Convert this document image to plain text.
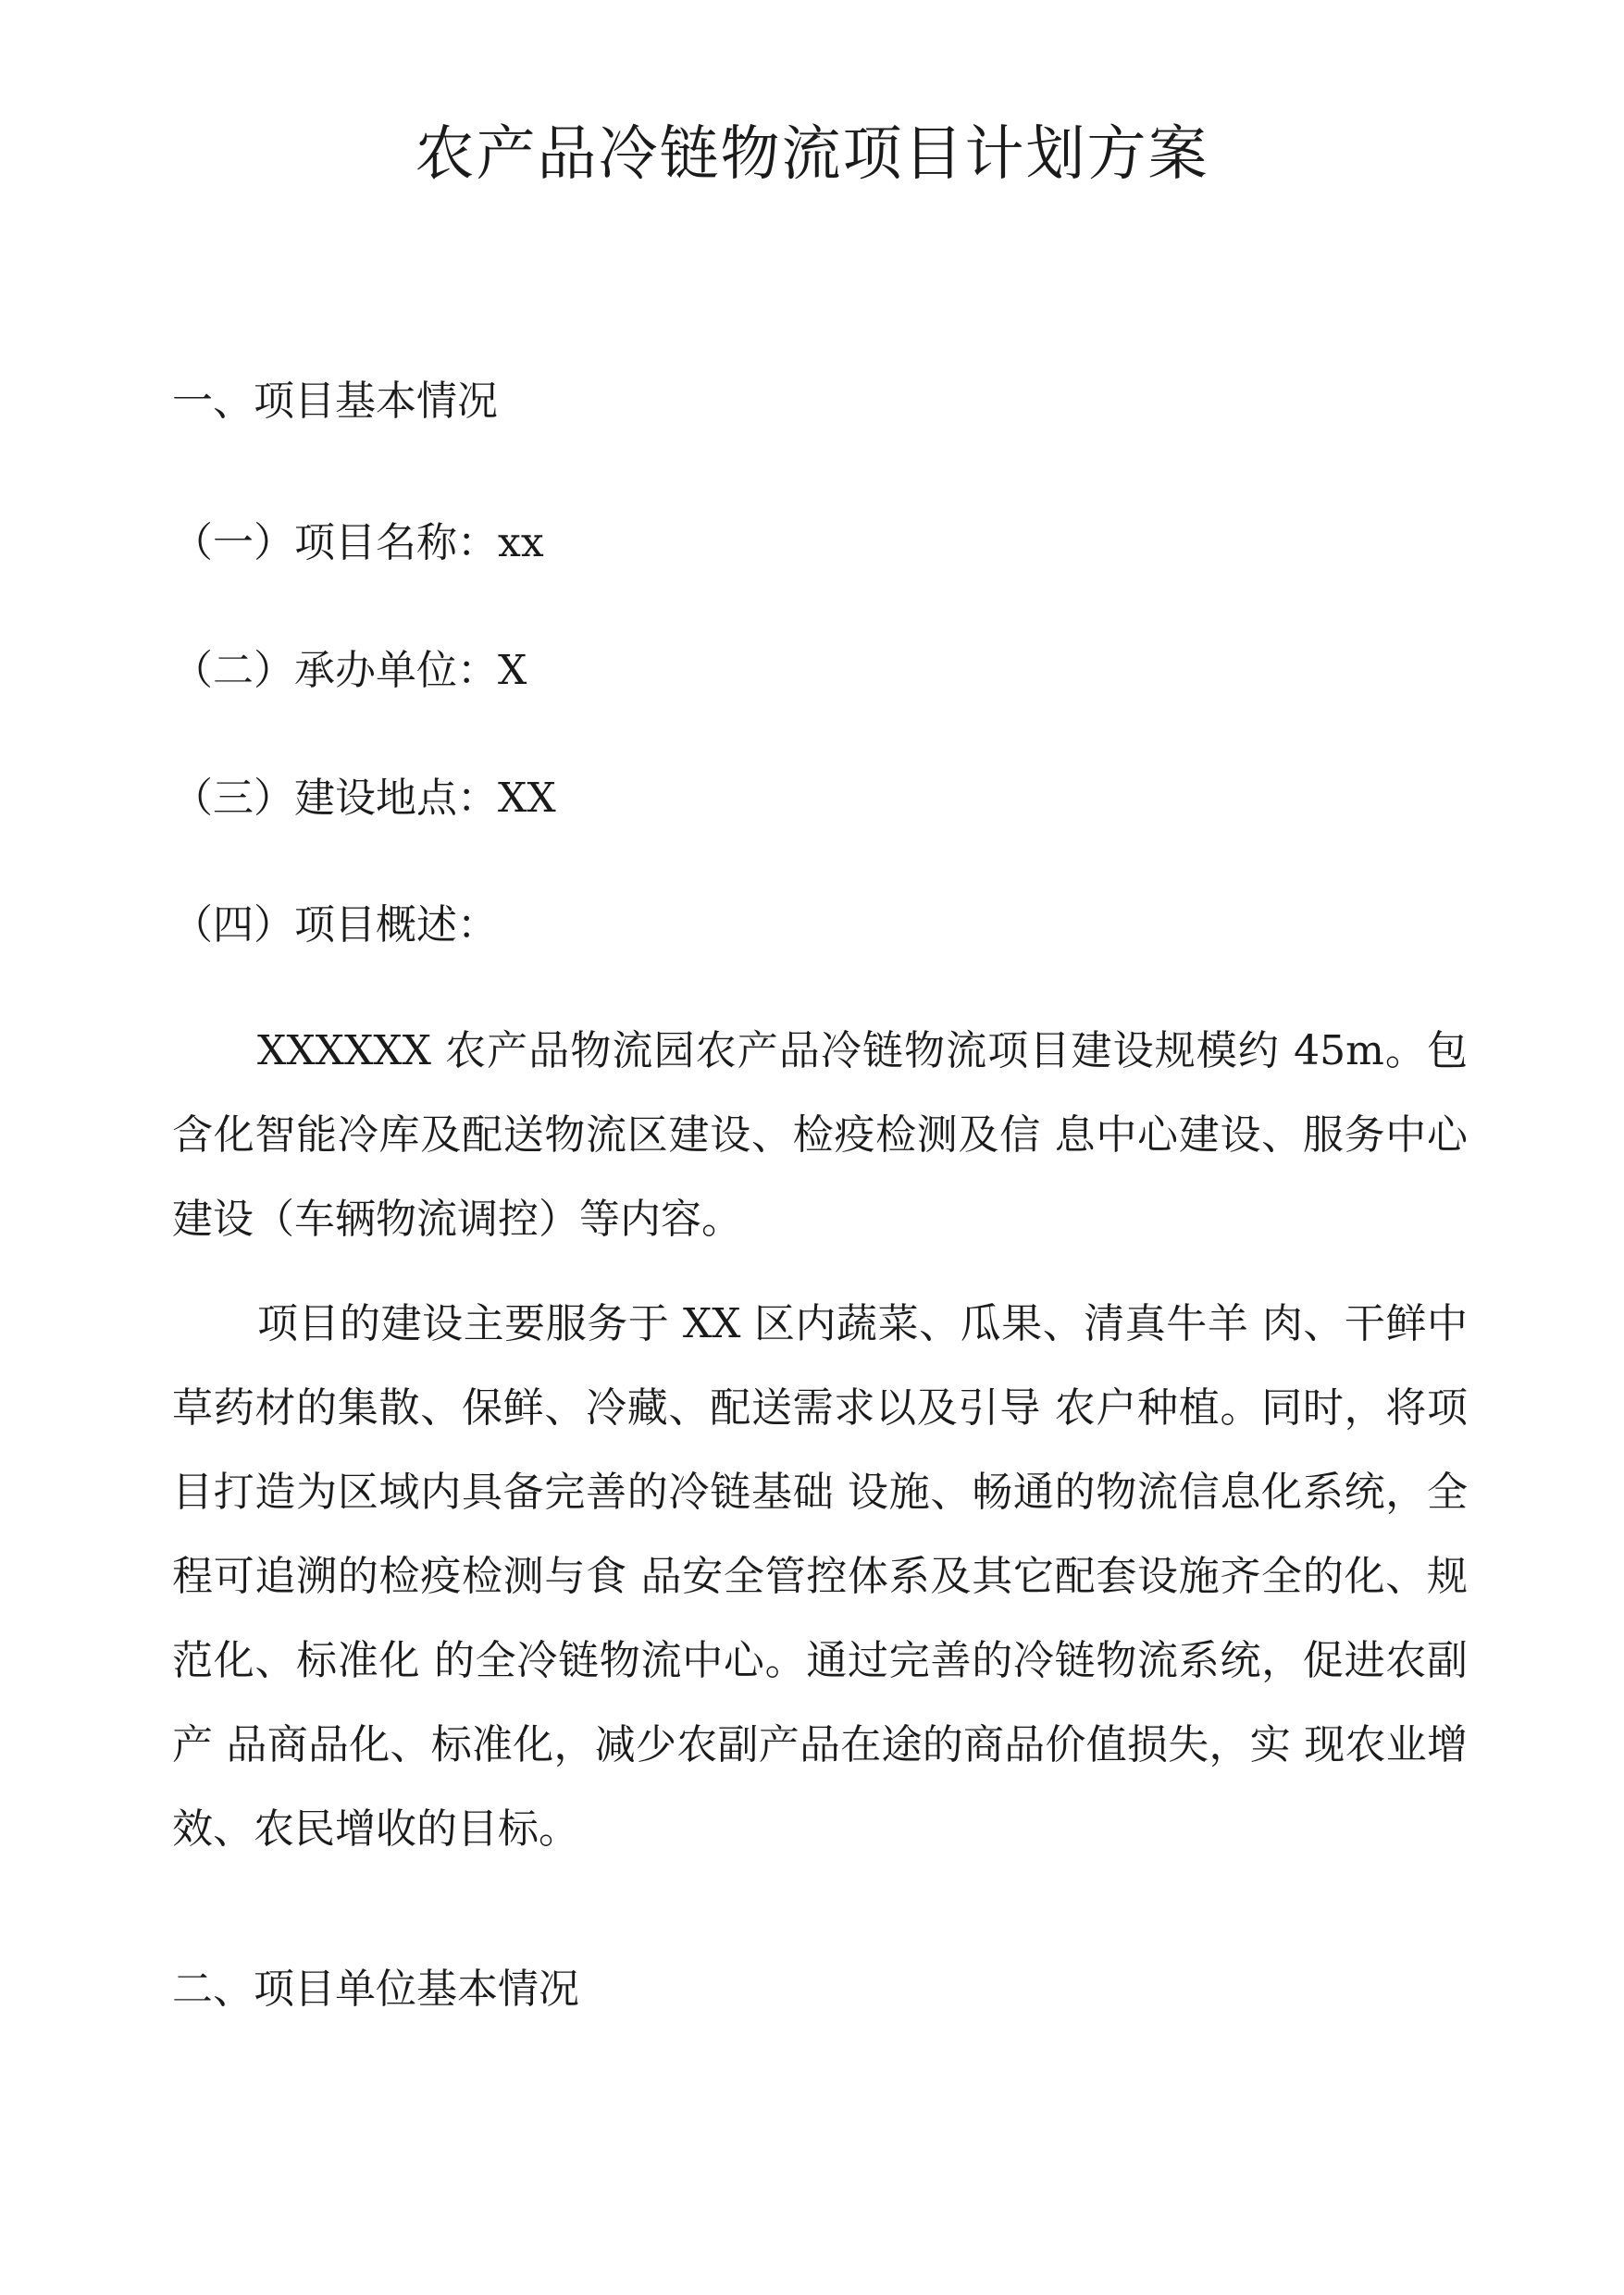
农产品冷链物流项目计划方案
一、项目基本情况

（一）项目名称：xx

（二）承办单位：X

（三）建设地点：XX

（四）项目概述：

XXXXXX 农产品物流园农产品冷链物流项目建设规模约 45m。包含化智能冷库及配送物流区建设、检疫检测及信 息中心建设、服务中心建设（车辆物流调控）等内容。

项目的建设主要服务于 XX 区内蔬菜、瓜果、清真牛羊 肉、干鲜中草药材的集散、保鲜、冷藏、配送需求以及引导 农户种植。同时，将项目打造为区域内具备完善的冷链基础 设施、畅通的物流信息化系统，全程可追溯的检疫检测与食 品安全管控体系及其它配套设施齐全的化、规范化、标准化 的全冷链物流中心。通过完善的冷链物流系统，促进农副产 品商品化、标准化，减少农副产品在途的商品价值损失，实 现农业增效、农民增收的目标。

二、项目单位基本情况
